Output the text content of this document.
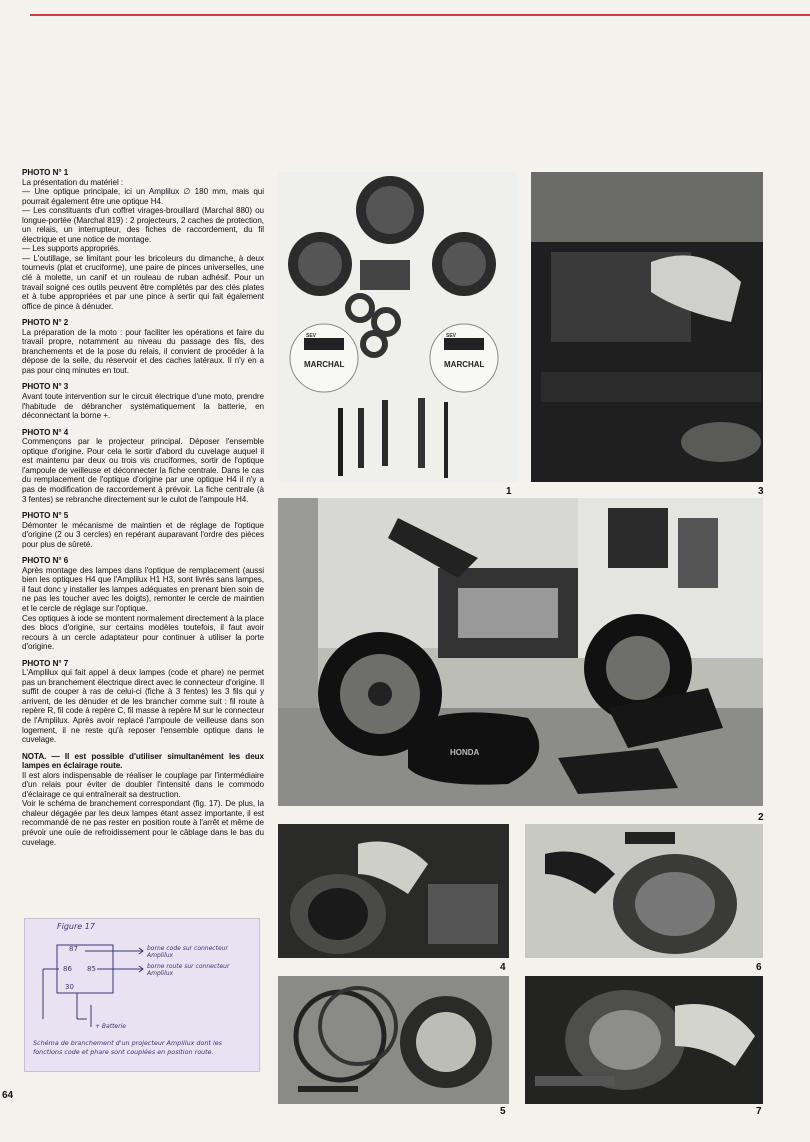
PHOTO N° 1

La présentation du matériel :

— Une optique principale, ici un Amplilux ∅ 180 mm, mais qui pourrait également être une optique H4.

— Les constituants d'un coffret virages-brouillard (Marchal 880) ou longue-portée (Marchal 819) : 2 projecteurs, 2 caches de protection, un relais, un interrupteur, des fiches de raccordement, du fil électrique et une notice de montage.

— Les supports appropriés.

— L'outillage, se limitant pour les bricoleurs du dimanche, à deux tournevis (plat et cruciforme), une paire de pinces universelles, une clé à molette, un canif et un rouleau de ruban adhésif. Pour un travail soigné ces outils peuvent être complétés par des clés plates et à tube appropriées et par une pince à sertir qui fait également office de pince à dénuder.

PHOTO N° 2

La préparation de la moto : pour faciliter les opérations et faire du travail propre, notamment au niveau du passage des fils, des branchements et de la pose du relais, il convient de procéder à la dépose de la selle, du réservoir et des caches latéraux. Il n'y en a pas pour cinq minutes en tout.

PHOTO N° 3

Avant toute intervention sur le circuit électrique d'une moto, prendre l'habitude de débrancher systématiquement la batterie, en déconnectant la borne +.

PHOTO N° 4

Commençons par le projecteur principal. Déposer l'ensemble optique d'origine. Pour cela le sortir d'abord du cuvelage auquel il est maintenu par deux ou trois vis cruciformes, sortir de l'optique l'ampoule de veilleuse et déconnecter la fiche centrale. Dans le cas du remplacement de l'optique d'origine par une optique H4 il n'y a pas de modification de raccordement à prévoir. La fiche centrale (à 3 fentes) se rebranche directement sur le culot de l'ampoule H4.

PHOTO N° 5

Démonter le mécanisme de maintien et de réglage de l'optique d'origine (2 ou 3 cercles) en repérant auparavant l'ordre des pièces pour plus de sûreté.

PHOTO N° 6

Après montage des lampes dans l'optique de remplacement (aussi bien les optiques H4 que l'Amplilux H1 H3, sont livrés sans lampes, il faut donc y installer les lampes adéquates en prenant bien soin de ne pas les toucher avec les doigts), remonter le cercle de maintien et le cercle de réglage sur l'optique.

Ces optiques à iode se montent normalement directement à la place des blocs d'origine, sur certains modèles toutefois, il faut avoir recours à un cercle adaptateur pour continuer à utiliser la porte d'origine.

PHOTO N° 7

L'Amplilux qui fait appel à deux lampes (code et phare) ne permet pas un branchement électrique direct avec le connecteur d'origine. Il suffit de couper à ras de celui-ci (fiche à 3 fentes) les 3 fils qui y arrivent, de les dénuder et de les brancher comme suit : fil route à repère R, fil code à repère C, fil masse à repère M sur le connecteur de l'Amplilux. Après avoir replacé l'ampoule de veilleuse dans son logement, il ne reste qu'à reposer l'ensemble optique dans le cuvelage.

NOTA. — Il est possible d'utiliser simultanément les deux lampes en éclairage route.

Il est alors indispensable de réaliser le couplage par l'intermédiaire d'un relais pour éviter de doubler l'intensité dans le commodo d'éclairage ce qui entraînerait sa destruction.

Voir le schéma de branchement correspondant (fig. 17). De plus, la chaleur dégagée par les deux lampes étant assez importante, il est recommandé de ne pas rester en position route à l'arrêt et même de prévoir une ouïe de refroidissement pour le câblage dans le bas du cuvelage.

Figure 17
87
86 85
30
borne code sur connecteur Amplilux
borne route sur connecteur Amplilux
+ Batterie
Schéma de branchement d'un projecteur Amplilux dont les fonctions code et phare sont couplées en position route.
SEV	SEV
MARCHAL	MARCHAL
1	3
HONDA
2
4	6
5	7
64
